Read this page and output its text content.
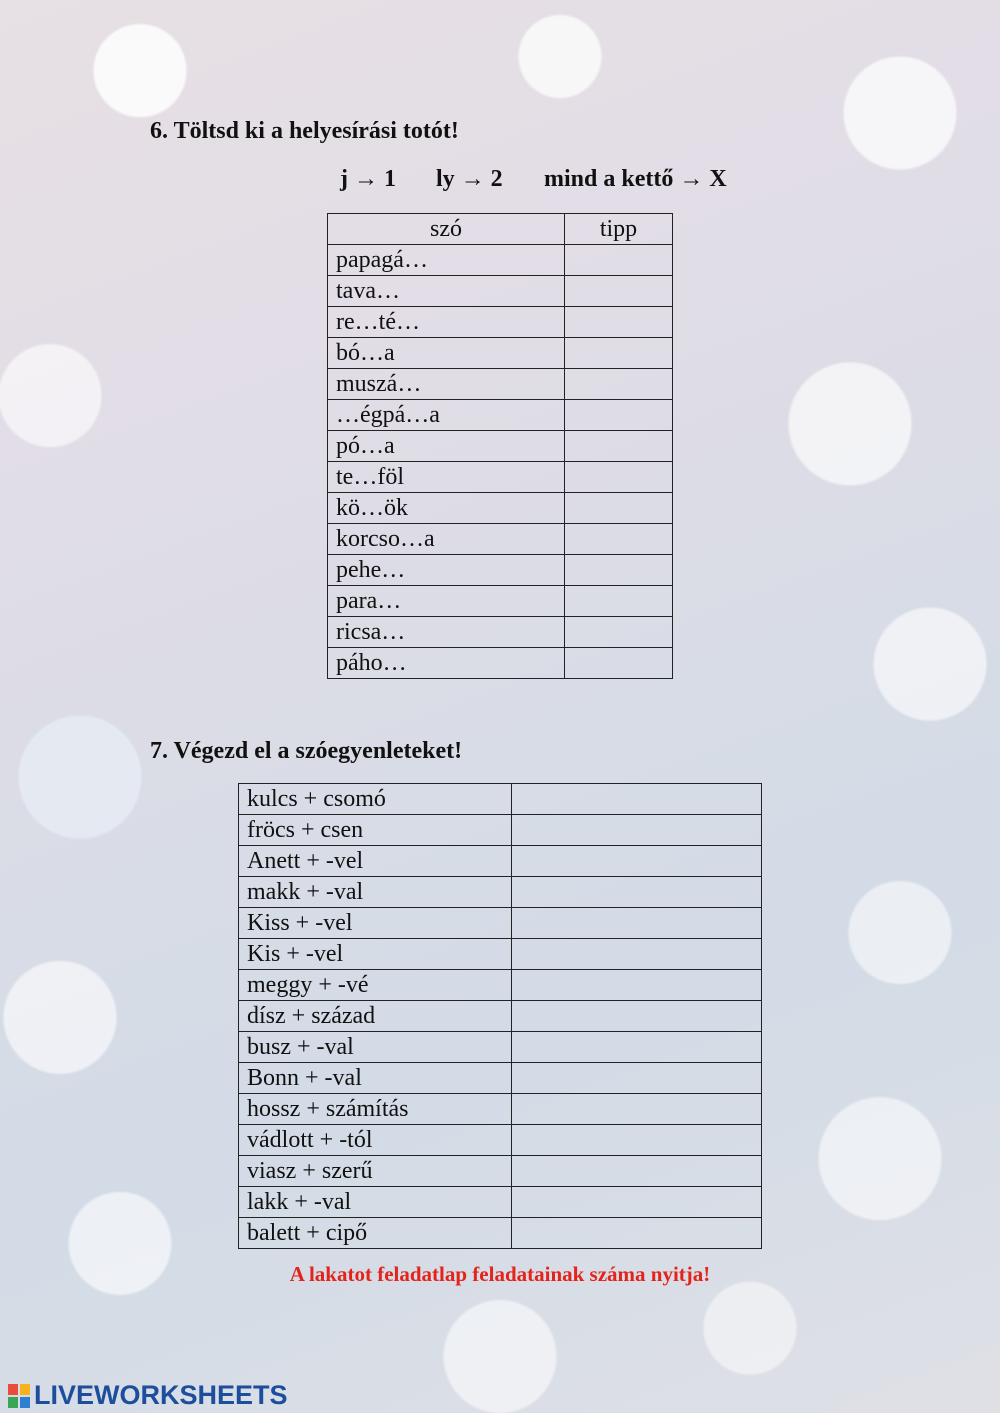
6. Töltsd ki a helyesírási totót!
j → 1	ly → 2	mind a kettő → X
szó	tipp
papagá…	
tava…	
re…té…	
bó…a	
muszá…	
…égpá…a	
pó…a	
te…föl	
kö…ök	
korcso…a	
pehe…	
para…	
ricsa…	
páho…	
7. Végezd el a szóegyenleteket!
kulcs + csomó	
fröcs + csen	
Anett + -vel	
makk + -val	
Kiss + -vel	
Kis + -vel	
meggy + -vé	
dísz + század	
busz + -val	
Bonn + -val	
hossz + számítás	
vádlott + -tól	
viasz + szerű	
lakk + -val	
balett + cipő	
A lakatot feladatlap feladatainak száma nyitja!
LIVEWORKSHEETS
